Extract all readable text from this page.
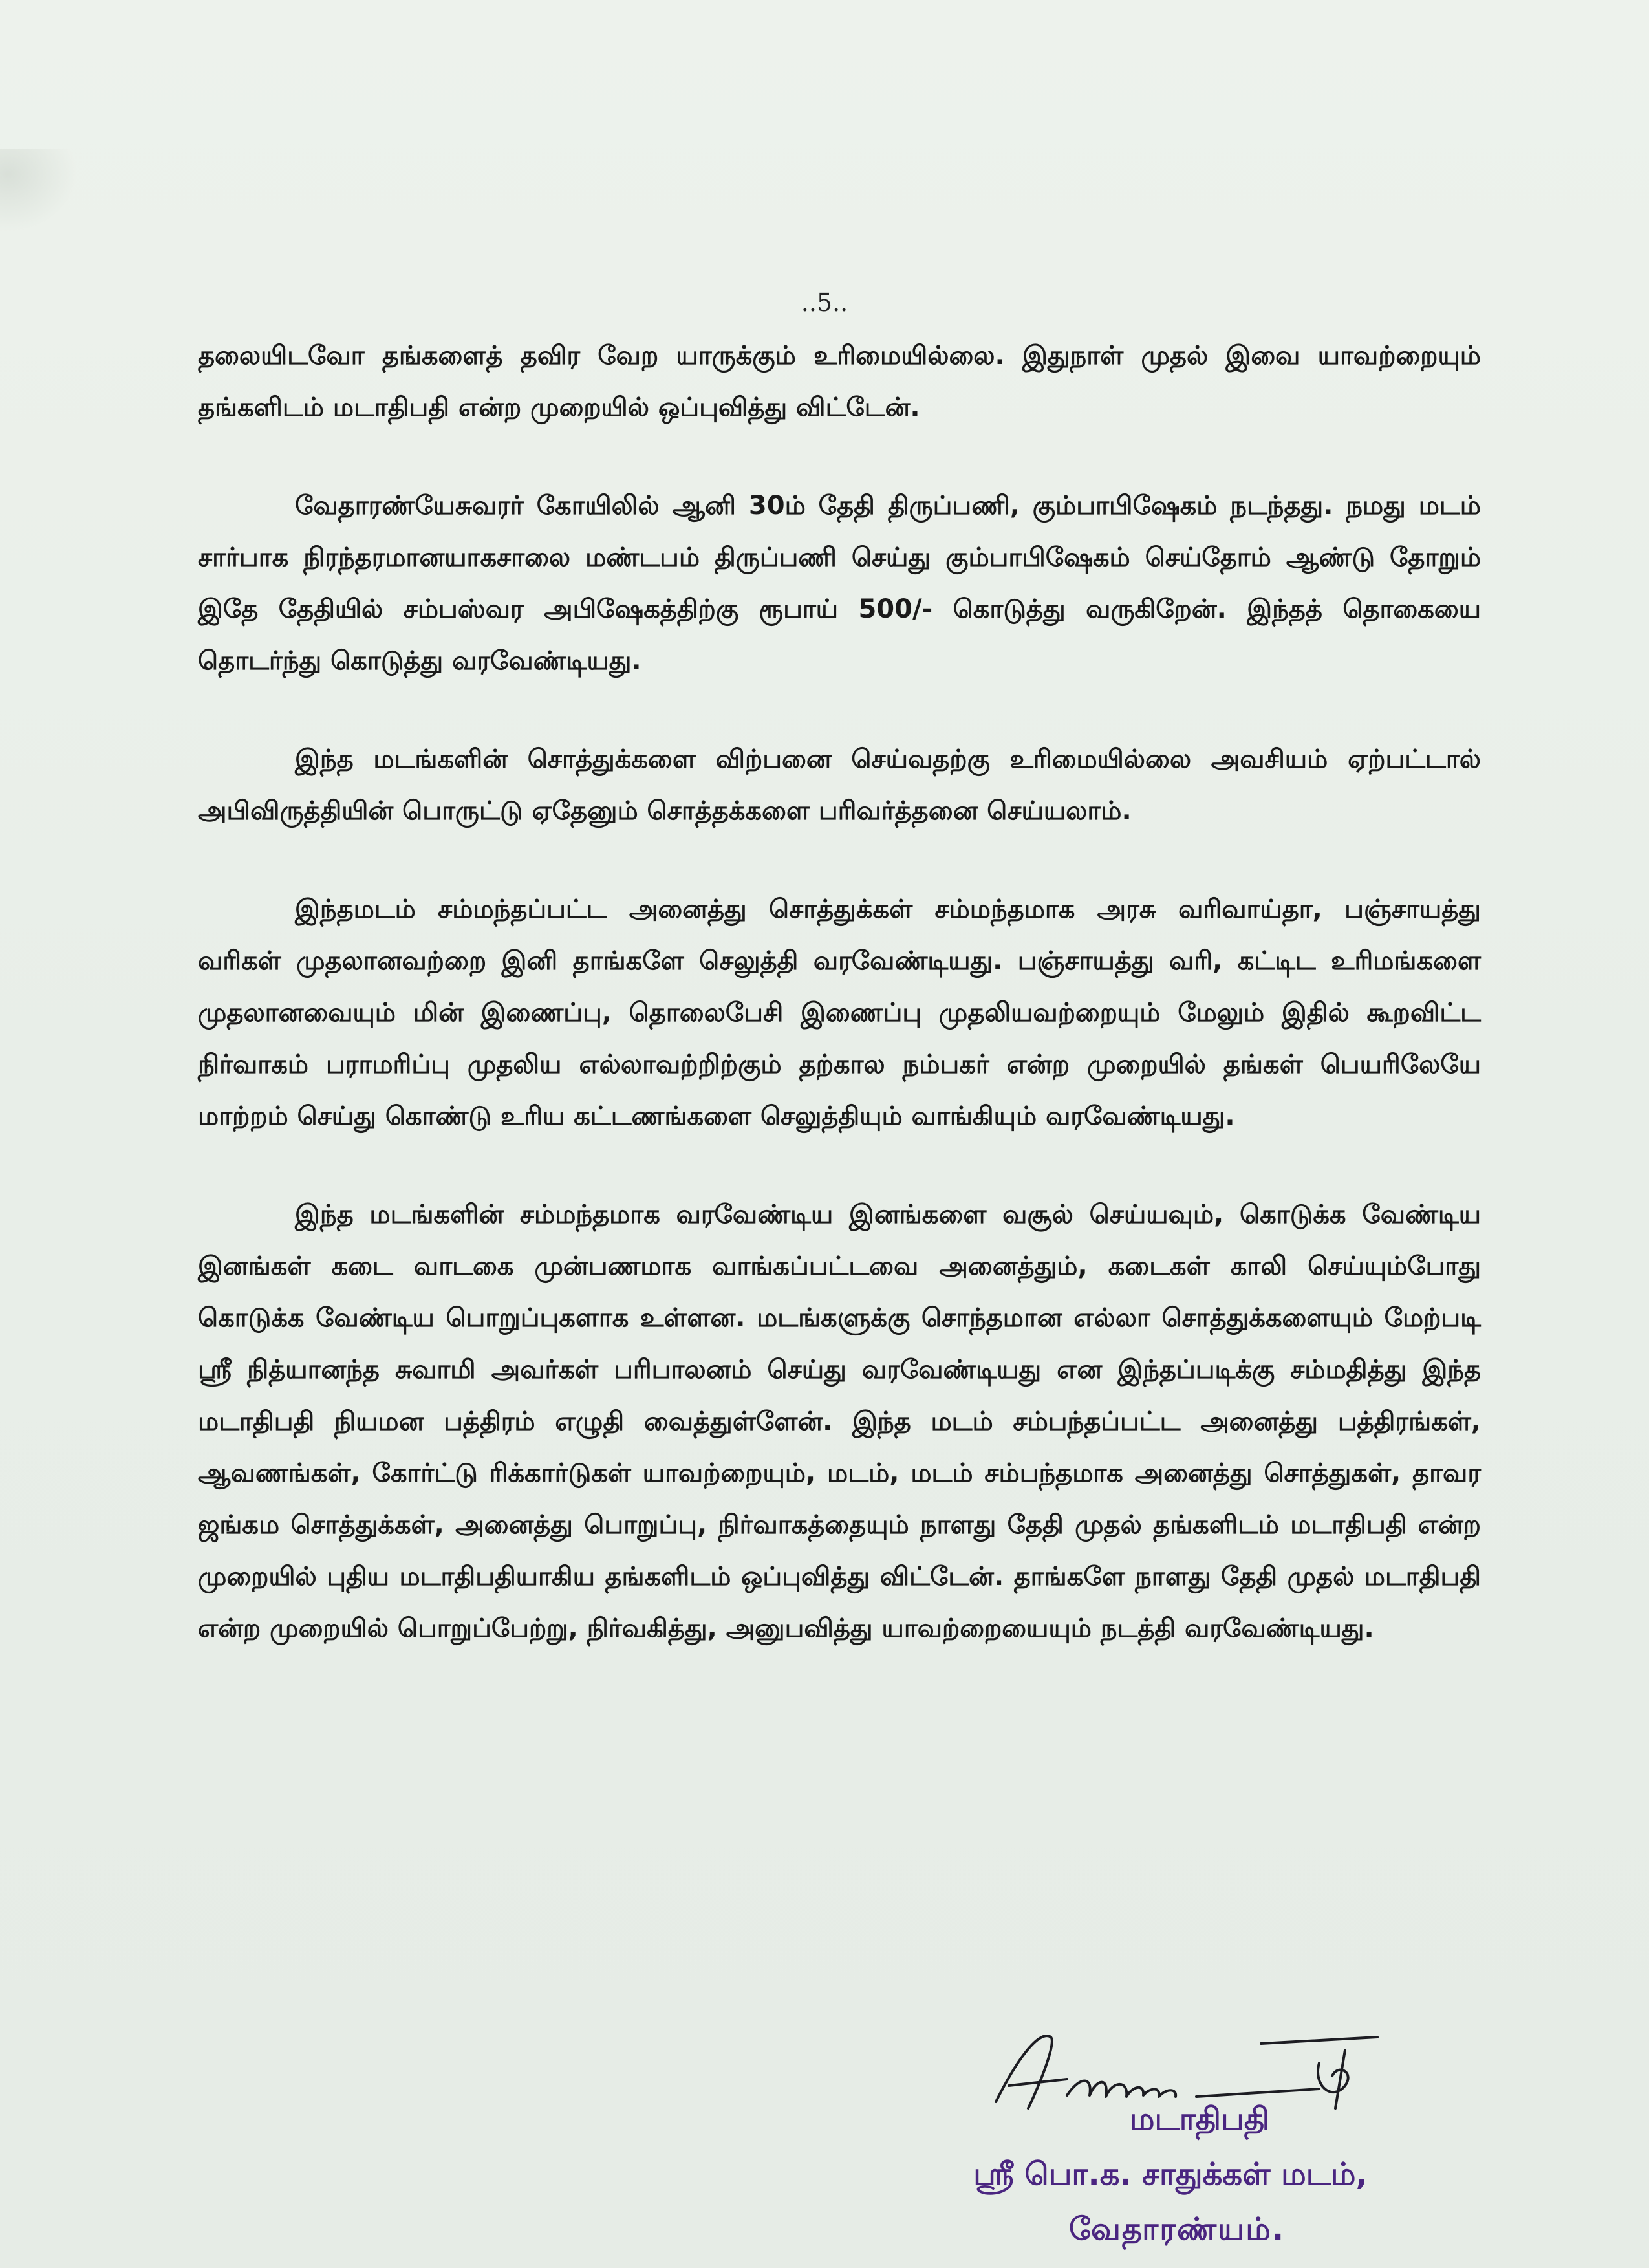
..5..

தலையிடவோ தங்களைத் தவிர வேற யாருக்கும் உரிமையில்லை. இதுநாள் முதல் இவை யாவற்றையும் தங்களிடம் மடாதிபதி என்ற முறையில் ஒப்புவித்து விட்டேன்.

வேதாரண்யேசுவரர் கோயிலில் ஆனி 30ம் தேதி திருப்பணி, கும்பாபிஷேகம் நடந்தது. நமது மடம் சார்பாக நிரந்தரமானயாகசாலை மண்டபம் திருப்பணி செய்து கும்பாபிஷேகம் செய்தோம் ஆண்டு தோறும் இதே தேதியில் சம்பஸ்வர அபிஷேகத்திற்கு ரூபாய் 500/- கொடுத்து வருகிறேன். இந்தத் தொகையை தொடர்ந்து கொடுத்து வரவேண்டியது.

இந்த மடங்களின் சொத்துக்களை விற்பனை செய்வதற்கு உரிமையில்லை அவசியம் ஏற்பட்டால் அபிவிருத்தியின் பொருட்டு ஏதேனும் சொத்தக்களை பரிவர்த்தனை செய்யலாம்.

இந்தமடம் சம்மந்தப்பட்ட அனைத்து சொத்துக்கள் சம்மந்தமாக அரசு வரிவாய்தா, பஞ்சாயத்து வரிகள் முதலானவற்றை இனி தாங்களே செலுத்தி வரவேண்டியது. பஞ்சாயத்து வரி, கட்டிட உரிமங்களை முதலானவையும் மின் இணைப்பு, தொலைபேசி இணைப்பு முதலியவற்றையும் மேலும் இதில் கூறவிட்ட நிர்வாகம் பராமரிப்பு முதலிய எல்லாவற்றிற்கும் தற்கால நம்பகர் என்ற முறையில் தங்கள் பெயரிலேயே மாற்றம் செய்து கொண்டு உரிய கட்டணங்களை செலுத்தியும் வாங்கியும் வரவேண்டியது.

இந்த மடங்களின் சம்மந்தமாக வரவேண்டிய இனங்களை வசூல் செய்யவும், கொடுக்க வேண்டிய இனங்கள் கடை வாடகை முன்பணமாக வாங்கப்பட்டவை அனைத்தும், கடைகள் காலி செய்யும்போது கொடுக்க வேண்டிய பொறுப்புகளாக உள்ளன. மடங்களுக்கு சொந்தமான எல்லா சொத்துக்களையும் மேற்படி ஸ்ரீ நித்யானந்த சுவாமி அவர்கள் பரிபாலனம் செய்து வரவேண்டியது என இந்தப்படிக்கு சம்மதித்து இந்த மடாதிபதி நியமன பத்திரம் எழுதி வைத்துள்ளேன். இந்த மடம் சம்பந்தப்பட்ட அனைத்து பத்திரங்கள், ஆவணங்கள், கோர்ட்டு ரிக்கார்டுகள் யாவற்றையும், மடம், மடம் சம்பந்தமாக அனைத்து சொத்துகள், தாவர ஜங்கம சொத்துக்கள், அனைத்து பொறுப்பு, நிர்வாகத்தையும் நாளது தேதி முதல் தங்களிடம் மடாதிபதி என்ற முறையில் புதிய மடாதிபதியாகிய தங்களிடம் ஒப்புவித்து விட்டேன். தாங்களே நாளது தேதி முதல் மடாதிபதி என்ற முறையில் பொறுப்பேற்று, நிர்வகித்து, அனுபவித்து யாவற்றையையும் நடத்தி வரவேண்டியது.

மடாதிபதி
ஸ்ரீ பொ.க. சாதுக்கள் மடம்,
வேதாரண்யம்.
